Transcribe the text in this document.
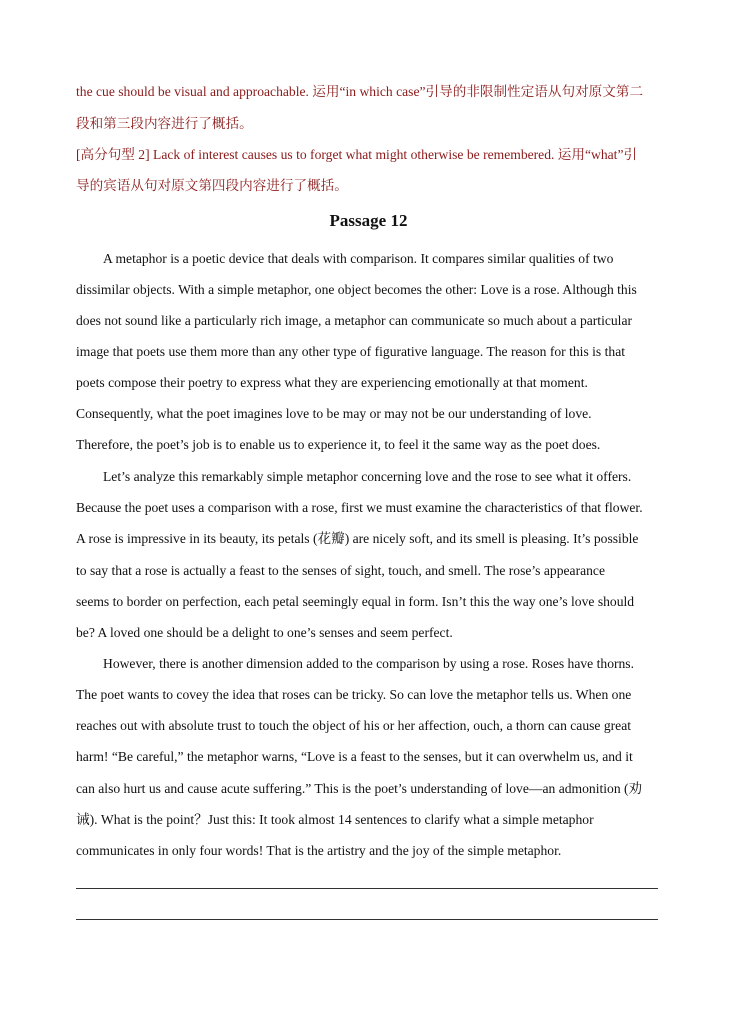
the cue should be visual and approachable. 运用“in which case”引导的非限制性定语从句对原文第二
段和第三段内容进行了概括。
[高分句型 2] Lack of interest causes us to forget what might otherwise be remembered. 运用“what”引
导的宾语从句对原文第四段内容进行了概括。
Passage 12
A metaphor is a poetic device that deals with comparison. It compares similar qualities of two
dissimilar objects. With a simple metaphor, one object becomes the other: Love is a rose. Although this
does not sound like a particularly rich image, a metaphor can communicate so much about a particular
image that poets use them more than any other type of figurative language. The reason for this is that
poets compose their poetry to express what they are experiencing emotionally at that moment.
Consequently, what the poet imagines love to be may or may not be our understanding of love.
Therefore, the poet’s job is to enable us to experience it, to feel it the same way as the poet does.
Let’s analyze this remarkably simple metaphor concerning love and the rose to see what it offers.
Because the poet uses a comparison with a rose, first we must examine the characteristics of that flower.
A rose is impressive in its beauty, its petals (花瓣) are nicely soft, and its smell is pleasing. It’s possible
to say that a rose is actually a feast to the senses of sight, touch, and smell. The rose’s appearance
seems to border on perfection, each petal seemingly equal in form. Isn’t this the way one’s love should
be? A loved one should be a delight to one’s senses and seem perfect.
However, there is another dimension added to the comparison by using a rose. Roses have thorns.
The poet wants to covey the idea that roses can be tricky. So can love the metaphor tells us. When one
reaches out with absolute trust to touch the object of his or her affection, ouch, a thorn can cause great
harm! “Be careful,” the metaphor warns, “Love is a feast to the senses, but it can overwhelm us, and it
can also hurt us and cause acute suffering.” This is the poet’s understanding of love—an admonition (劝
诫). What is the point？Just this: It took almost 14 sentences to clarify what a simple metaphor
communicates in only four words! That is the artistry and the joy of the simple metaphor.
